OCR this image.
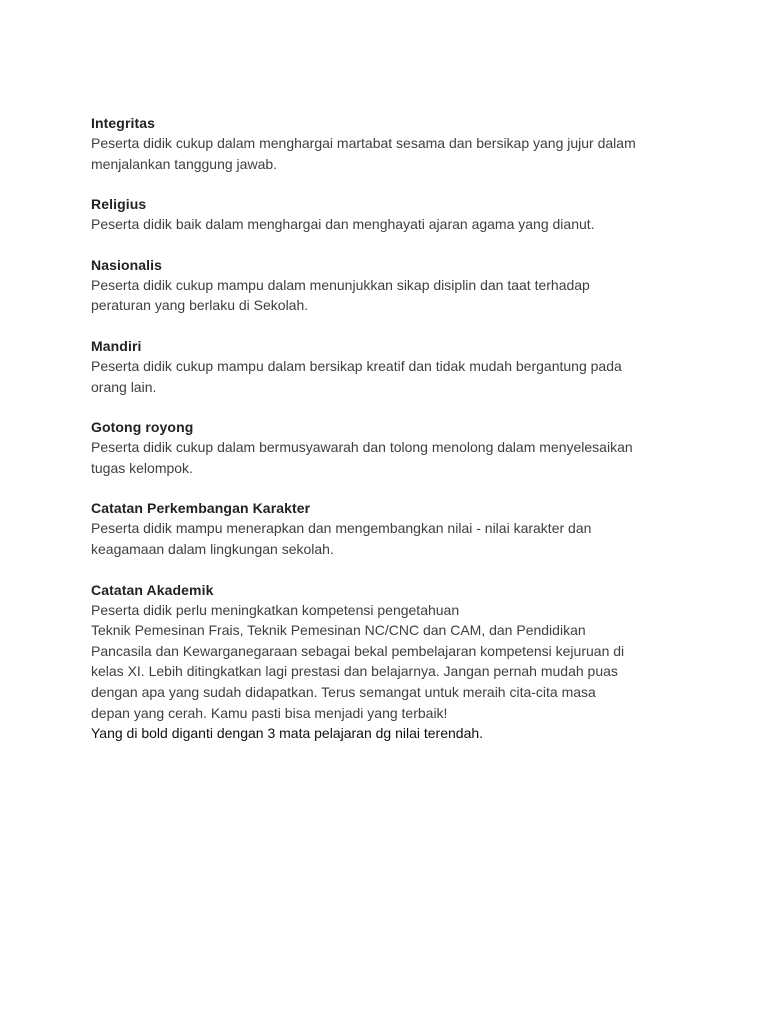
Integritas

Peserta didik cukup dalam menghargai martabat sesama dan bersikap yang jujur dalam

menjalankan tanggung jawab.

Religius

Peserta didik baik dalam menghargai dan menghayati ajaran agama yang dianut.

Nasionalis

Peserta didik cukup mampu dalam menunjukkan sikap disiplin dan taat terhadap

peraturan yang berlaku di Sekolah.

Mandiri

Peserta didik cukup mampu dalam bersikap kreatif dan tidak mudah bergantung pada

orang lain.

Gotong royong

Peserta didik cukup dalam bermusyawarah dan tolong menolong dalam menyelesaikan

tugas kelompok.

Catatan Perkembangan Karakter

Peserta didik mampu menerapkan dan mengembangkan nilai - nilai karakter dan

keagamaan dalam lingkungan sekolah.

Catatan Akademik

Peserta didik perlu meningkatkan kompetensi pengetahuan

Teknik Pemesinan Frais, Teknik Pemesinan NC/CNC dan CAM, dan Pendidikan

Pancasila dan Kewarganegaraan sebagai bekal pembelajaran kompetensi kejuruan di

kelas XI. Lebih ditingkatkan lagi prestasi dan belajarnya. Jangan pernah mudah puas

dengan apa yang sudah didapatkan. Terus semangat untuk meraih cita-cita masa

depan yang cerah. Kamu pasti bisa menjadi yang terbaik!

Yang di bold diganti dengan 3 mata pelajaran dg nilai terendah.
